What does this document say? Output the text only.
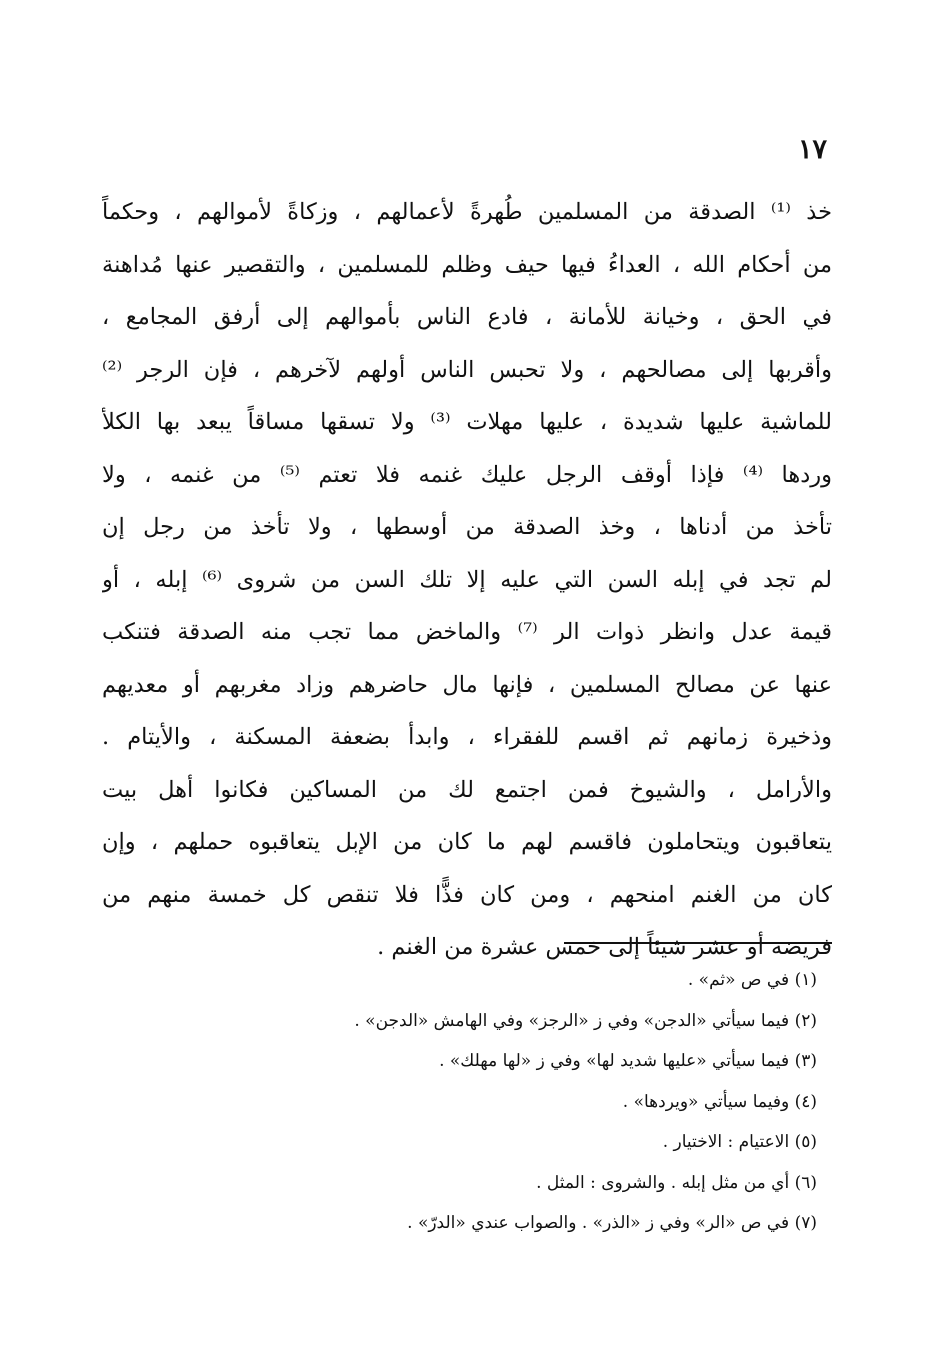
١٧
خذ ⁽¹⁾ الصدقة من المسلمين طُهرةً لأعمالهم ، وزكاةً لأموالهم ، وحكماً
من أحكام الله ، العداءُ فيها حيف وظلم للمسلمين ، والتقصير عنها مُداهنة
في الحق ، وخيانة للأمانة ، فادع الناس بأموالهم إلى أرفق المجامع ،
وأقربها إلى مصالحهم ، ولا تحبس الناس أولهم لآخرهم ، فإن الرجر ⁽²⁾
للماشية عليها شديدة ، عليها مهلات ⁽³⁾ ولا تسقها مساقاً يبعد بها الكلأ
وردها ⁽⁴⁾ فإذا أوقف الرجل عليك غنمه فلا تعتم ⁽⁵⁾ من غنمه ، ولا
تأخذ من أدناها ، وخذ الصدقة من أوسطها ، ولا تأخذ من رجل إن
لم تجد في إبله السن التي عليه إلا تلك السن من شروى ⁽⁶⁾ إبله ، أو
قيمة عدل وانظر ذوات الر ⁽⁷⁾ والماخض مما تجب منه الصدقة فتنكب
عنها عن مصالح المسلمين ، فإنها مال حاضرهم وزاد مغربهم أو معديهم
وذخيرة زمانهم ثم اقسم للفقراء ، وابدأ بضعفة المسكنة ، والأيتام .
والأرامل ، والشيوخ فمن اجتمع لك من المساكين فكانوا أهل بيت
يتعاقبون ويتحاملون فاقسم لهم ما كان من الإبل يتعاقبوه حملهم ، وإن
كان من الغنم امنحهم ، ومن كان فذًّا فلا تنقص كل خمسة منهم من
فريضة أو عشر شيئاً إلى خمس عشرة من الغنم .
(١) في ص «ثم» .
(٢) فيما سيأتي «الدجن» وفي ز «الرجز» وفي الهامش «الدجن» .
(٣) فيما سيأتي «عليها شديد لها» وفي ز «لها مهلك» .
(٤) وفيما سيأتي «ويردها» .
(٥) الاعتيام : الاختيار .
(٦) أي من مثل إبله . والشروى : المثل .
(٧) في ص «الر» وفي ز «الذر» . والصواب عندي «الدرّ» .
